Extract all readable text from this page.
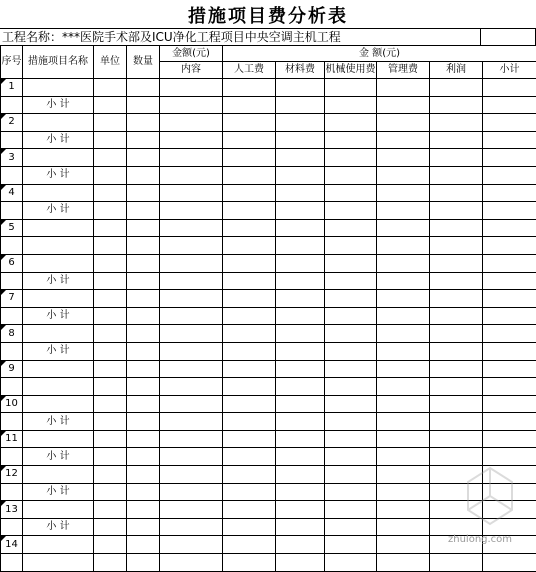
措施项目费分析表
工程名称：***医院手术部及ICU净化工程项目中央空调主机工程
序号	措施项目名称	单位	数量	金额(元)	金 额(元)					
				内容	人工费	材料费	机械使用费	管理费	利润	小计

1										
	小 计									

2										
	小 计									

3										
	小 计									

4										
	小 计									

5										

6										
	小 计									

7										
	小 计									

8										
	小 计									

9										

10										
	小 计									

11										
	小 计									

12										
	小 计									

13										
	小 计									

14										
											zhulong.com
